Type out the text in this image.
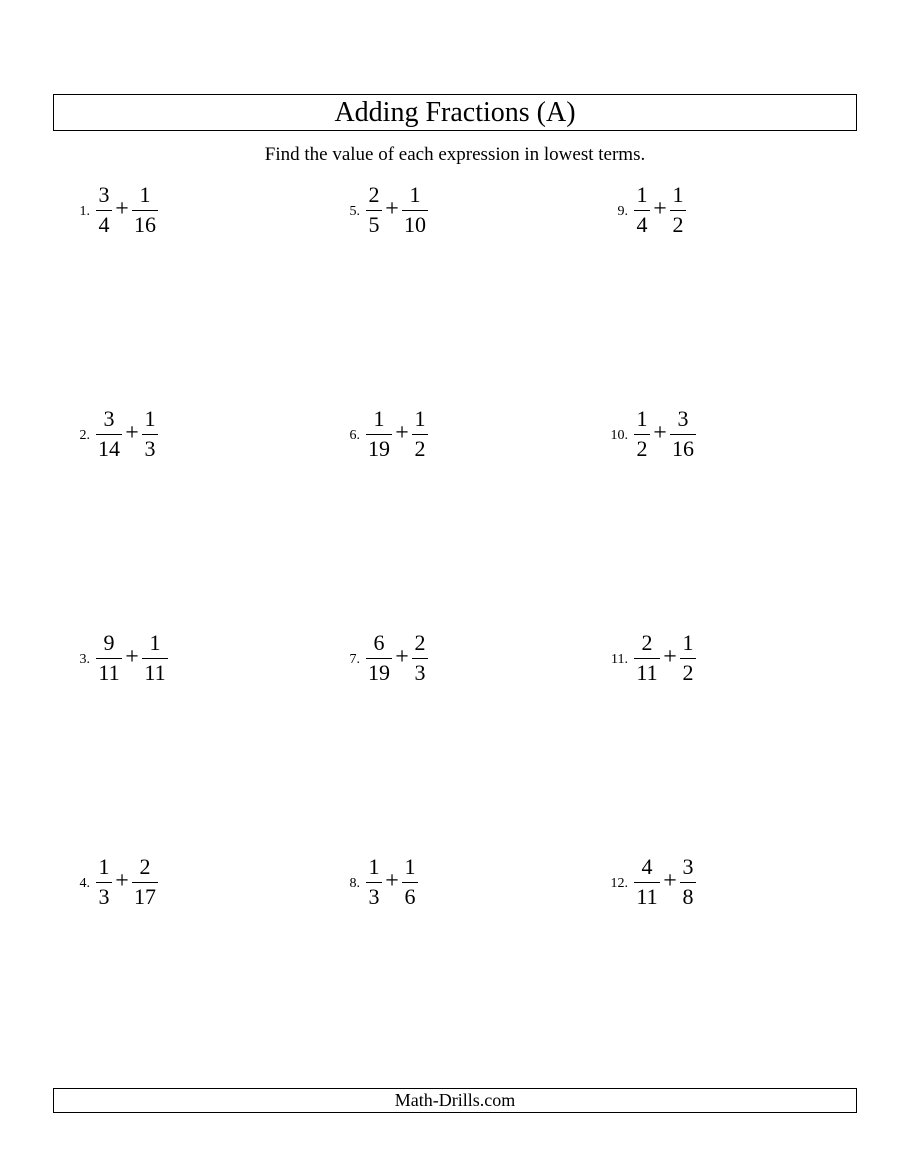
Adding Fractions (A)
Find the value of each expression in lowest terms.
1.
3
4
+
1
16
2.
3
14
+
1
3
3.
9
11
+
1
11
4.
1
3
+
2
17
5.
2
5
+
1
10
6.
1
19
+
1
2
7.
6
19
+
2
3
8.
1
3
+
1
6
9.
1
4
+
1
2
10.
1
2
+
3
16
11.
2
11
+
1
2
12.
4
11
+
3
8
Math-Drills.com
